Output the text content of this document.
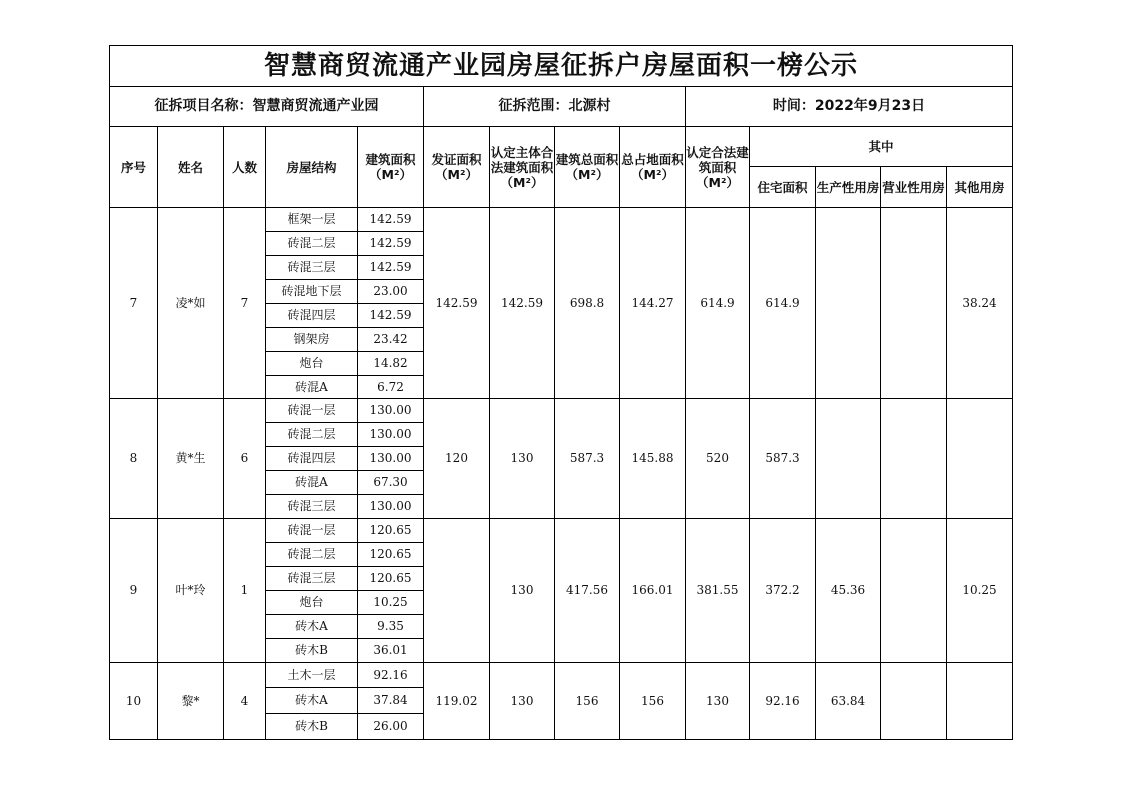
智慧商贸流通产业园房屋征拆户房屋面积一榜公示													
征拆项目名称：智慧商贸流通产业园					征拆范围：北源村				时间：2022年9月23日				
序号	姓名	人数	房屋结构	建筑面积（M²）	发证面积（M²）	认定主体合法建筑面积（M²）	建筑总面积（M²）	总占地面积（M²）	认定合法建筑面积（M²）	其中			
										住宅面积	生产性用房	营业性用房	其他用房
7	凌*如	7	框架一层	142.59	142.59	142.59	698.8	144.27	614.9	614.9			38.24
			砖混二层	142.59									
			砖混三层	142.59									
			砖混地下层	23.00									
			砖混四层	142.59									
			钢架房	23.42									
			炮台	14.82									
			砖混A	6.72									
8	黄*生	6	砖混一层	130.00	120	130	587.3	145.88	520	587.3			
			砖混二层	130.00									
			砖混四层	130.00									
			砖混A	67.30									
			砖混三层	130.00									
9	叶*玲	1	砖混一层	120.65		130	417.56	166.01	381.55	372.2	45.36		10.25
			砖混二层	120.65									
			砖混三层	120.65									
			炮台	10.25									
			砖木A	9.35									
			砖木B	36.01									
10	黎*	4	土木一层	92.16	119.02	130	156	156	130	92.16	63.84		
			砖木A	37.84									
			砖木B	26.00									
